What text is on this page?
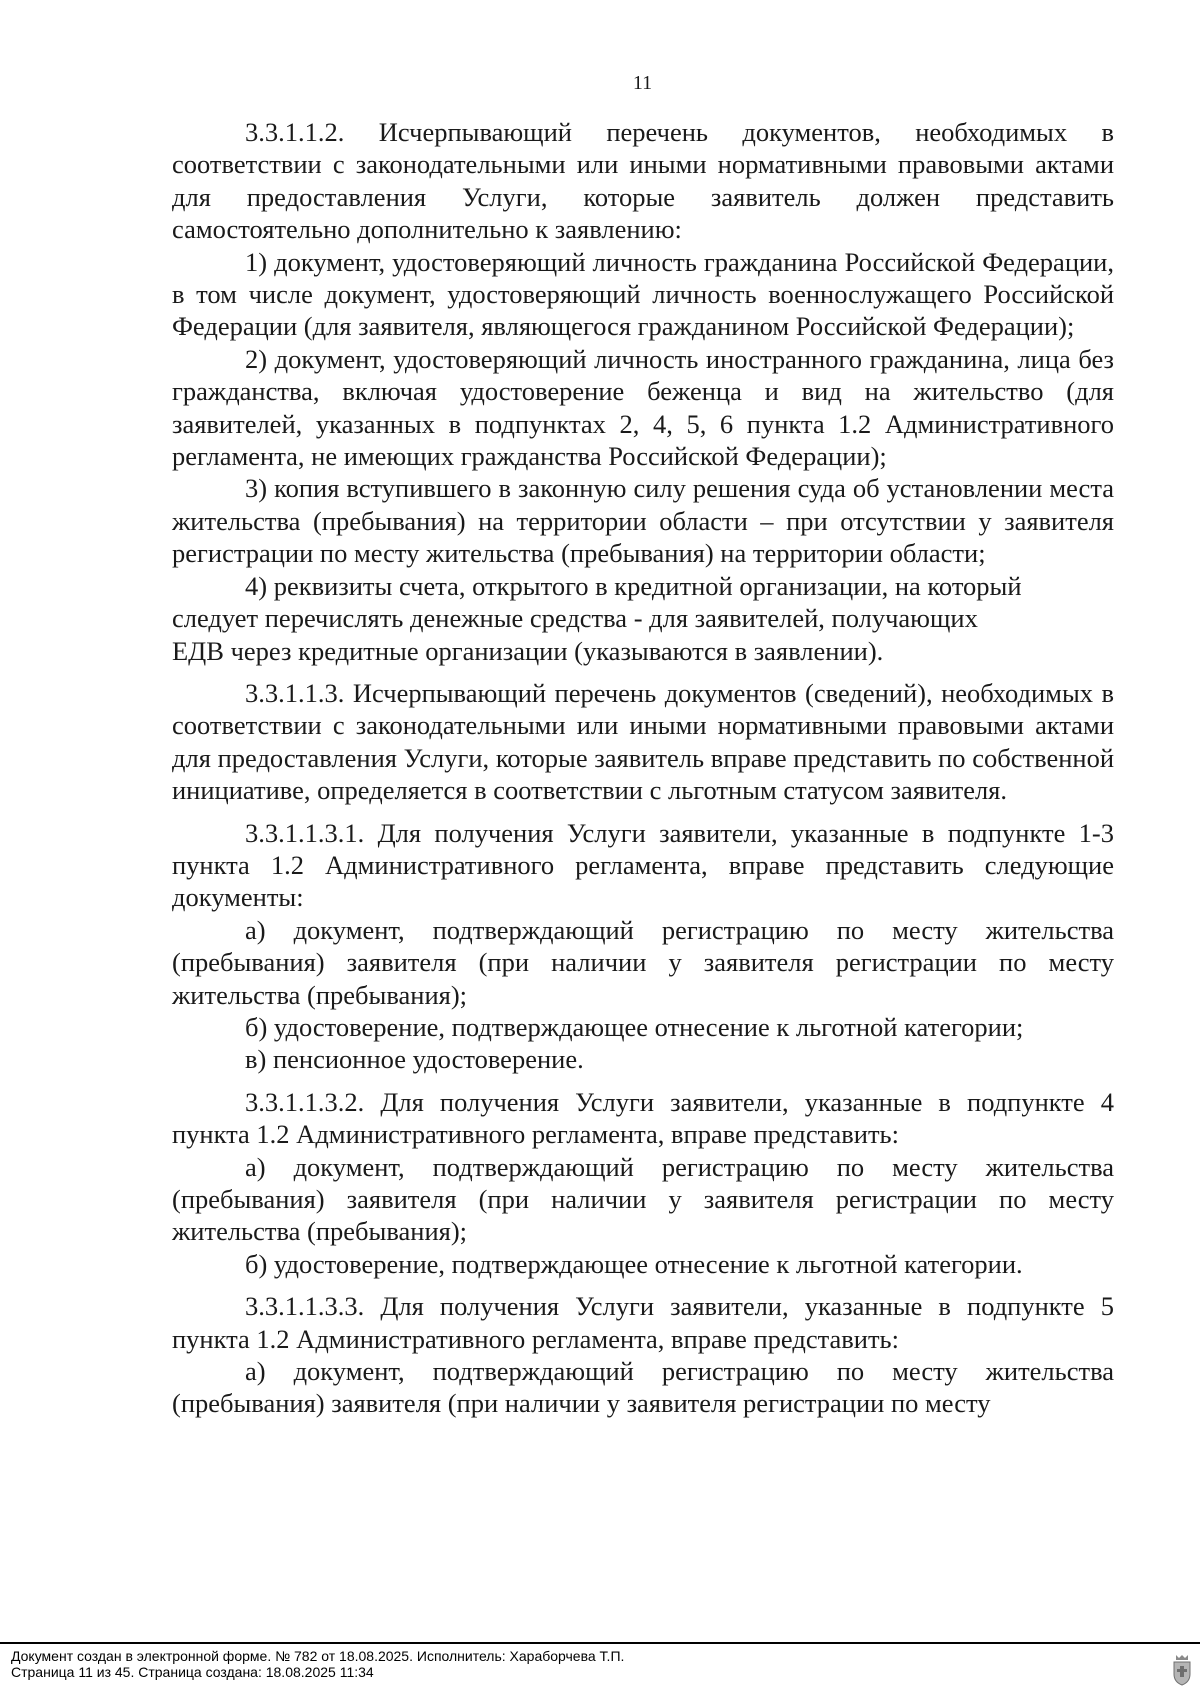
11

3.3.1.1.2. Исчерпывающий перечень документов, необходимых в соответствии с законодательными или иными нормативными правовыми актами для предоставления Услуги, которые заявитель должен представить самостоятельно дополнительно к заявлению:

1) документ, удостоверяющий личность гражданина Российской Федерации, в том числе документ, удостоверяющий личность военнослужащего Российской Федерации (для заявителя, являющегося гражданином Российской Федерации);

2) документ, удостоверяющий личность иностранного гражданина, лица без гражданства, включая удостоверение беженца и вид на жительство (для заявителей, указанных в подпунктах 2, 4, 5, 6 пункта 1.2 Административного регламента, не имеющих гражданства Российской Федерации);

3) копия вступившего в законную силу решения суда об установлении места жительства (пребывания) на территории области – при отсутствии у заявителя регистрации по месту жительства (пребывания) на территории области;

4) реквизиты счета, открытого в кредитной организации, на который следует перечислять денежные средства - для заявителей, получающих

ЕДВ через кредитные организации (указываются в заявлении).

3.3.1.1.3. Исчерпывающий перечень документов (сведений), необходимых в соответствии с законодательными или иными нормативными правовыми актами для предоставления Услуги, которые заявитель вправе представить по собственной инициативе, определяется в соответствии с льготным статусом заявителя.

3.3.1.1.3.1. Для получения Услуги заявители, указанные в подпункте 1-3 пункта 1.2 Административного регламента, вправе представить следующие документы:

а) документ, подтверждающий регистрацию по месту жительства (пребывания) заявителя (при наличии у заявителя регистрации по месту жительства (пребывания);

б) удостоверение, подтверждающее отнесение к льготной категории;

в) пенсионное удостоверение.

3.3.1.1.3.2. Для получения Услуги заявители, указанные в подпункте 4 пункта 1.2 Административного регламента, вправе представить:

а) документ, подтверждающий регистрацию по месту жительства (пребывания) заявителя (при наличии у заявителя регистрации по месту жительства (пребывания);

б) удостоверение, подтверждающее отнесение к льготной категории.

3.3.1.1.3.3. Для получения Услуги заявители, указанные в подпункте 5 пункта 1.2 Административного регламента, вправе представить:

а) документ, подтверждающий регистрацию по месту жительства (пребывания) заявителя (при наличии у заявителя регистрации по месту

Документ создан в электронной форме. № 782 от 18.08.2025. Исполнитель: Хараборчева Т.П.
Страница 11 из 45. Страница создана: 18.08.2025 11:34
